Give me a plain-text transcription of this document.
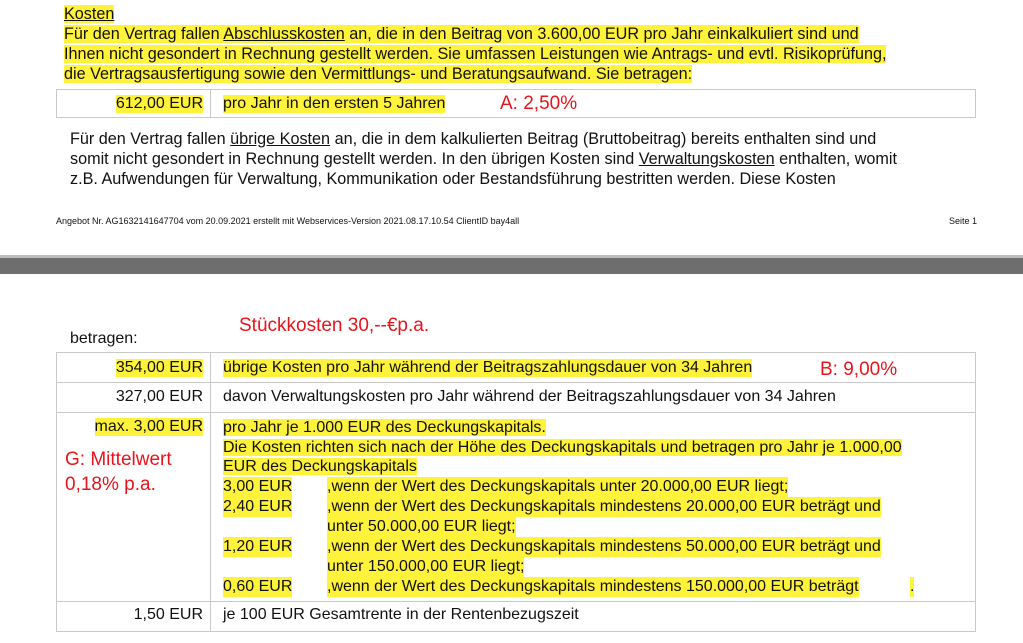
Kosten
Für den Vertrag fallen Abschlusskosten an, die in den Beitrag von 3.600,00 EUR pro Jahr einkalkuliert sind und
Ihnen nicht gesondert in Rechnung gestellt werden. Sie umfassen Leistungen wie Antrags- und evtl. Risikoprüfung,
die Vertragsausfertigung sowie den Vermittlungs- und Beratungsaufwand. Sie betragen:
612,00 EUR pro Jahr in den ersten 5 Jahren	A: 2,50%
Für den Vertrag fallen übrige Kosten an, die in dem kalkulierten Beitrag (Bruttobeitrag) bereits enthalten sind und
somit nicht gesondert in Rechnung gestellt werden. In den übrigen Kosten sind Verwaltungskosten enthalten, womit
z.B. Aufwendungen für Verwaltung, Kommunikation oder Bestandsführung bestritten werden. Diese Kosten
Angebot Nr. AG1632141647704 vom 20.09.2021 erstellt mit Webservices-Version 2021.08.17.10.54 ClientID bay4all	Seite 1
betragen:
Stückkosten 30,--€p.a.
354,00 EUR übrige Kosten pro Jahr während der Beitragszahlungsdauer von 34 Jahren	B: 9,00%
327,00 EUR davon Verwaltungskosten pro Jahr während der Beitragszahlungsdauer von 34 Jahren
max. 3,00 EUR pro Jahr je 1.000 EUR des Deckungskapitals.
Die Kosten richten sich nach der Höhe des Deckungskapitals und betragen pro Jahr je 1.000,00
EUR des Deckungskapitals
3,00 EUR ,wenn der Wert des Deckungskapitals unter 20.000,00 EUR liegt;
2,40 EUR ,wenn der Wert des Deckungskapitals mindestens 20.000,00 EUR beträgt und
unter 50.000,00 EUR liegt;
1,20 EUR ,wenn der Wert des Deckungskapitals mindestens 50.000,00 EUR beträgt und
unter 150.000,00 EUR liegt;
0,60 EUR ,wenn der Wert des Deckungskapitals mindestens 150.000,00 EUR beträgt	.
G: Mittelwert
0,18% p.a.
1,50 EUR je 100 EUR Gesamtrente in der Rentenbezugszeit
